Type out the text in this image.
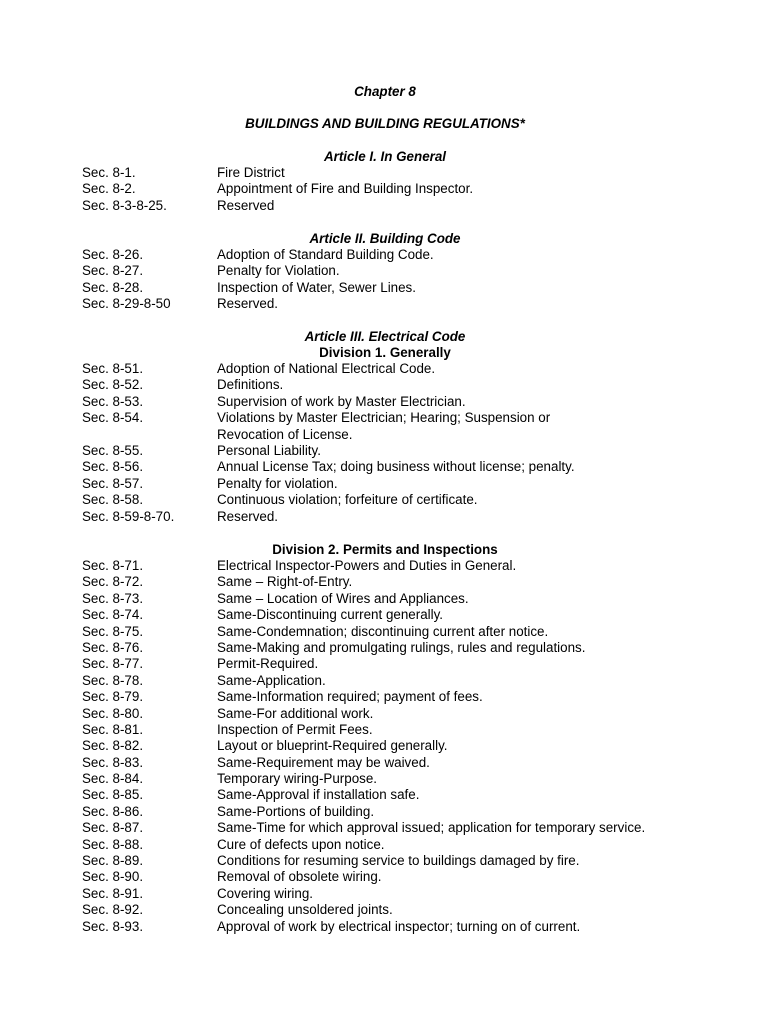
Chapter 8
BUILDINGS AND BUILDING REGULATIONS*
Article I. In General
Sec. 8-1.	Fire District
Sec. 8-2.	Appointment of Fire and Building Inspector.
Sec. 8-3-8-25.	Reserved
Article II. Building Code
Sec. 8-26.	Adoption of Standard Building Code.
Sec. 8-27.	Penalty for Violation.
Sec. 8-28.	Inspection of Water, Sewer Lines.
Sec. 8-29-8-50	Reserved.
Article III. Electrical Code
Division 1. Generally
Sec. 8-51.	Adoption of National Electrical Code.
Sec. 8-52.	Definitions.
Sec. 8-53.	Supervision of work by Master Electrician.
Sec. 8-54.	Violations by Master Electrician; Hearing; Suspension or
Revocation of License.
Sec. 8-55.	Personal Liability.
Sec. 8-56.	Annual License Tax; doing business without license; penalty.
Sec. 8-57.	Penalty for violation.
Sec. 8-58.	Continuous violation; forfeiture of certificate.
Sec. 8-59-8-70.	Reserved.
Division 2. Permits and Inspections
Sec. 8-71.	Electrical Inspector-Powers and Duties in General.
Sec. 8-72.	Same – Right-of-Entry.
Sec. 8-73.	Same – Location of Wires and Appliances.
Sec. 8-74.	Same-Discontinuing current generally.
Sec. 8-75.	Same-Condemnation; discontinuing current after notice.
Sec. 8-76.	Same-Making and promulgating rulings, rules and regulations.
Sec. 8-77.	Permit-Required.
Sec. 8-78.	Same-Application.
Sec. 8-79.	Same-Information required; payment of fees.
Sec. 8-80.	Same-For additional work.
Sec. 8-81.	Inspection of Permit Fees.
Sec. 8-82.	Layout or blueprint-Required generally.
Sec. 8-83.	Same-Requirement may be waived.
Sec. 8-84.	Temporary wiring-Purpose.
Sec. 8-85.	Same-Approval if installation safe.
Sec. 8-86.	Same-Portions of building.
Sec. 8-87.	Same-Time for which approval issued; application for temporary service.
Sec. 8-88.	Cure of defects upon notice.
Sec. 8-89.	Conditions for resuming service to buildings damaged by fire.
Sec. 8-90.	Removal of obsolete wiring.
Sec. 8-91.	Covering wiring.
Sec. 8-92.	Concealing unsoldered joints.
Sec. 8-93.	Approval of work by electrical inspector; turning on of current.
